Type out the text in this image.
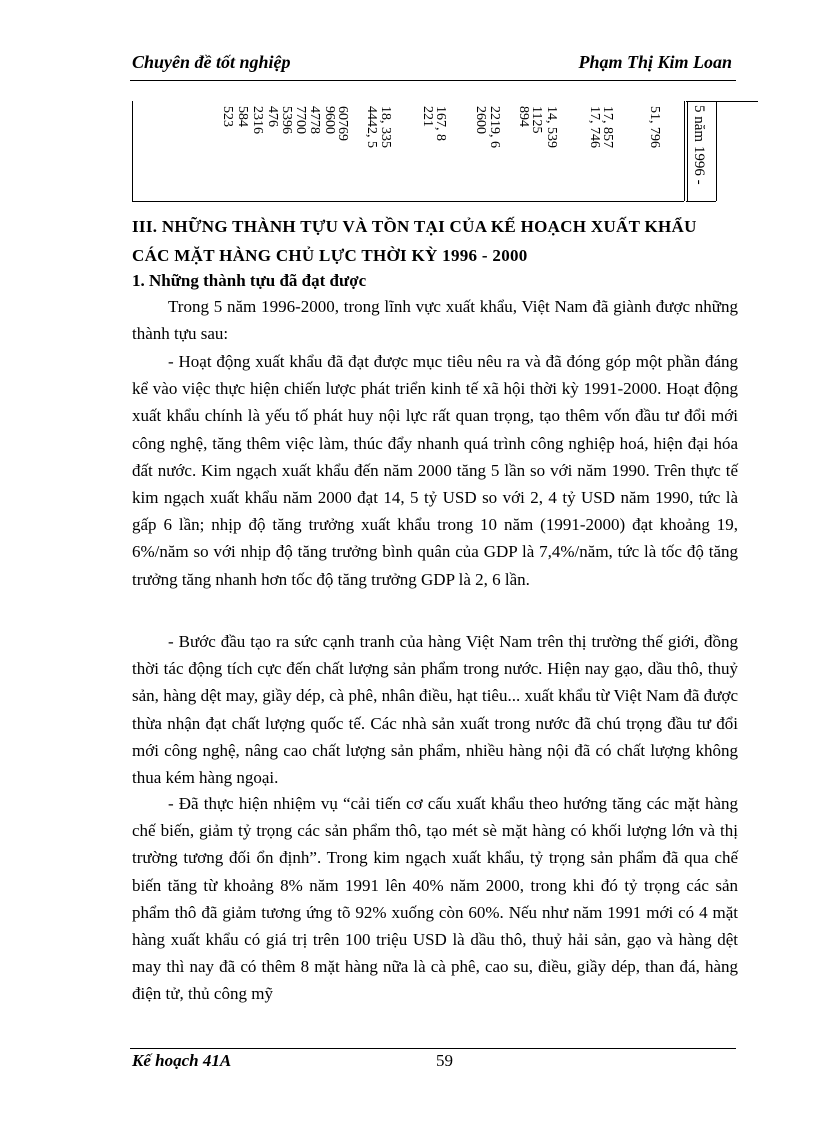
Chuyên đề tốt nghiệp	Phạm Thị Kim Loan
5 năm 1996 -
51, 796
17, 857
17, 746
14, 539
1125
894
2219, 6
2600
167, 8
221
18, 335
4442, 5
60769
9600
4778
7700
5396
476
2316
584
523
III. NHỮNG THÀNH TỰU VÀ TỒN TẠI CỦA KẾ HOẠCH XUẤT KHẨU CÁC MẶT HÀNG CHỦ LỰC THỜI KỲ 1996 - 2000
1. Những thành tựu đã đạt được

Trong 5 năm 1996-2000, trong lĩnh vực xuất khẩu, Việt Nam đã giành được những thành tựu sau:

- Hoạt động xuất khẩu đã đạt được mục tiêu nêu ra và đã đóng góp một phần đáng kể vào việc thực hiện chiến lược phát triển kinh tế xã hội thời kỳ 1991-2000. Hoạt động xuất khẩu chính là yếu tố phát huy nội lực rất quan trọng, tạo thêm vốn đầu tư đổi mới công nghệ, tăng thêm việc làm, thúc đẩy nhanh quá trình công nghiệp hoá, hiện đại hóa đất nước. Kim ngạch xuất khẩu đến năm 2000 tăng 5 lần so với năm 1990. Trên thực tế kim ngạch xuất khẩu năm 2000 đạt 14, 5 tỷ USD so với 2, 4 tỷ USD năm 1990, tức là gấp 6 lần; nhịp độ tăng trưởng xuất khẩu trong 10 năm (1991-2000) đạt khoảng 19, 6%/năm so với nhịp độ tăng trưởng bình quân của GDP là 7,4%/năm, tức là tốc độ tăng trưởng tăng nhanh hơn tốc độ tăng trưởng GDP là 2, 6 lần.

- Bước đầu tạo ra sức cạnh tranh của hàng Việt Nam trên thị trường thế giới, đồng thời tác động tích cực đến chất lượng sản phẩm trong nước. Hiện nay gạo, dầu thô, thuỷ sản, hàng dệt may, giầy dép, cà phê, nhân điều, hạt tiêu... xuất khẩu từ Việt Nam đã được thừa nhận đạt chất lượng quốc tế. Các nhà sản xuất trong nước đã chú trọng đầu tư đổi mới công nghệ, nâng cao chất lượng sản phẩm, nhiều hàng nội đã có chất lượng không thua kém hàng ngoại.

- Đã thực hiện nhiệm vụ “cải tiến cơ cấu xuất khẩu theo hướng tăng các mặt hàng chế biến, giảm tỷ trọng các sản phẩm thô, tạo mét sè mặt hàng có khối lượng lớn và thị trường tương đối ổn định”. Trong kim ngạch xuất khẩu, tỷ trọng sản phẩm đã qua chế biến tăng từ khoảng 8% năm 1991 lên 40% năm 2000, trong khi đó tỷ trọng các sản phẩm thô đã giảm tương ứng tõ 92% xuống còn 60%. Nếu như năm 1991 mới có 4 mặt hàng xuất khẩu có giá trị trên 100 triệu USD là dầu thô, thuỷ hải sản, gạo và hàng dệt may thì nay đã có thêm 8 mặt hàng nữa là cà phê, cao su, điều, giầy dép, than đá, hàng điện tử, thủ công mỹ

Kế hoạch 41A	59
